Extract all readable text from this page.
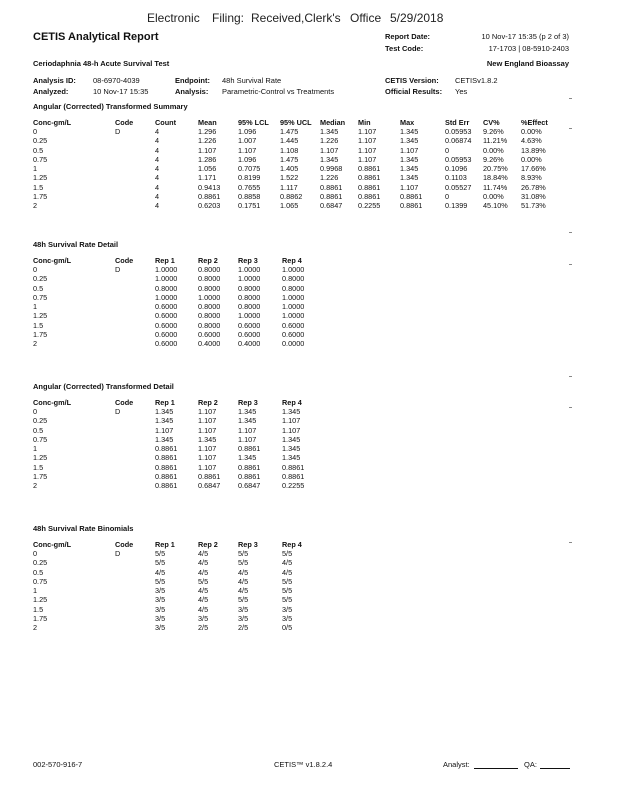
Electronic Filing: Received,Clerk's Office 5/29/2018
CETIS Analytical Report	Report Date:	10 Nov-17 15:35 (p 2 of 3)
Test Code:	17-1703 | 08-5910-2403
Ceriodaphnia 48-h Acute Survival Test	New England Bioassay
Analysis ID: 08-6970-4039	Endpoint: 48h Survival Rate	CETIS Version: CETISv1.8.2
Analyzed:	10 Nov-17 15:35	Analysis: Parametric-Control vs Treatments	Official Results: Yes
Angular (Corrected) Transformed Summary
Conc-gm/L	Code	Count	Mean	95% LCL	95% UCL	Median	Min	Max	Std Err	CV%	%Effect
0	D	4	1.296	1.096	1.475	1.345	1.107	1.345	0.05953	9.26%	0.00%
0.25		4	1.226	1.007	1.445	1.226	1.107	1.345	0.06874	11.21%	4.63%
0.5		4	1.107	1.107	1.108	1.107	1.107	1.107	0	0.00%	13.89%
0.75		4	1.286	1.096	1.475	1.345	1.107	1.345	0.05953	9.26%	0.00%
1		4	1.056	0.7075	1.405	0.9968	0.8861	1.345	0.1096	20.75%	17.66%
1.25		4	1.171	0.8199	1.522	1.226	0.8861	1.345	0.1103	18.84%	8.93%
1.5		4	0.9413	0.7655	1.117	0.8861	0.8861	1.107	0.05527	11.74%	26.78%
1.75		4	0.8861	0.8858	0.8862	0.8861	0.8861	0.8861	0	0.00%	31.08%
2		4	0.6203	0.1751	1.065	0.6847	0.2255	0.8861	0.1399	45.10%	51.73%
48h Survival Rate Detail
Conc-gm/L	Code	Rep 1	Rep 2	Rep 3	Rep 4
0	D	1.0000	0.8000	1.0000	1.0000
0.25		1.0000	0.8000	1.0000	0.8000
0.5		0.8000	0.8000	0.8000	0.8000
0.75		1.0000	1.0000	0.8000	1.0000
1		0.6000	0.8000	0.8000	1.0000
1.25		0.6000	0.8000	1.0000	1.0000
1.5		0.6000	0.8000	0.6000	0.6000
1.75		0.6000	0.6000	0.6000	0.6000
2		0.6000	0.4000	0.4000	0.0000
Angular (Corrected) Transformed Detail
Conc-gm/L	Code	Rep 1	Rep 2	Rep 3	Rep 4
0	D	1.345	1.107	1.345	1.345
0.25		1.345	1.107	1.345	1.107
0.5		1.107	1.107	1.107	1.107
0.75		1.345	1.345	1.107	1.345
1		0.8861	1.107	0.8861	1.345
1.25		0.8861	1.107	1.345	1.345
1.5		0.8861	1.107	0.8861	0.8861
1.75		0.8861	0.8861	0.8861	0.8861
2		0.8861	0.6847	0.6847	0.2255
48h Survival Rate Binomials
Conc-gm/L	Code	Rep 1	Rep 2	Rep 3	Rep 4
0	D	5/5	4/5	5/5	5/5
0.25		5/5	4/5	5/5	4/5
0.5		4/5	4/5	4/5	4/5
0.75		5/5	5/5	4/5	5/5
1		3/5	4/5	4/5	5/5
1.25		3/5	4/5	5/5	5/5
1.5		3/5	4/5	3/5	3/5
1.75		3/5	3/5	3/5	3/5
2		3/5	2/5	2/5	0/5
002-570-916-7	CETIS™ v1.8.2.4	Analyst:	QA:
